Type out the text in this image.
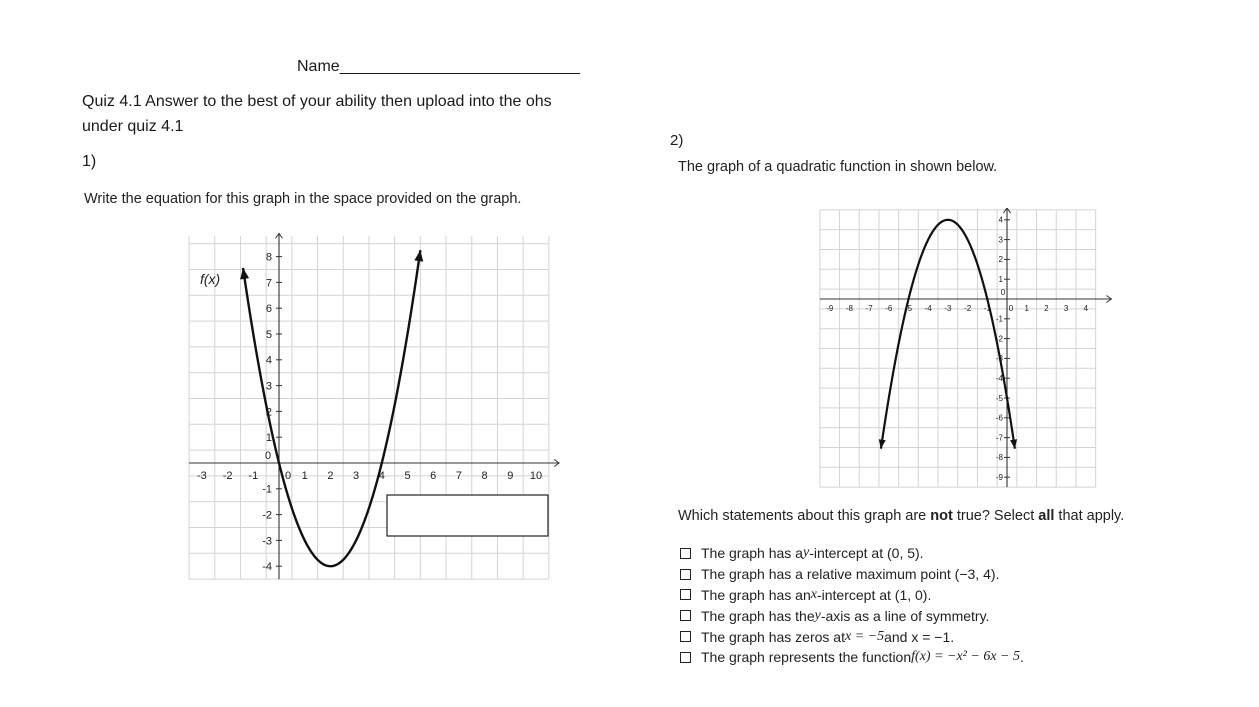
Name___________________________
Quiz 4.1 Answer to the best of your ability then upload into the ohs
under quiz 4.1
1)
Write the equation for this graph in the space provided on the graph.
-3 -2 -1 0 1 2 3 4 5 6 7 8 9 10
8
7
6
5
4
3
2
1
0
-1
-2
-3
-4
f(x)
2)
The graph of a quadratic function in shown below.
-9 -8 -7 -6 -5 -4 -3 -2 -1 0 1 2 3 4
4
3
2
1
0
-1
-2
-3
-4
-5
-6
-7
-8
-9
Which statements about this graph are not true? Select all that apply.
The graph has a y -intercept at (0, 5).
The graph has a relative maximum point (−3, 4).
The graph has an x -intercept at (1, 0).
The graph has the y -axis as a line of symmetry.
The graph has zeros at x = −5 and x = −1.
The graph represents the function f(x) = −x² − 6x − 5 .
